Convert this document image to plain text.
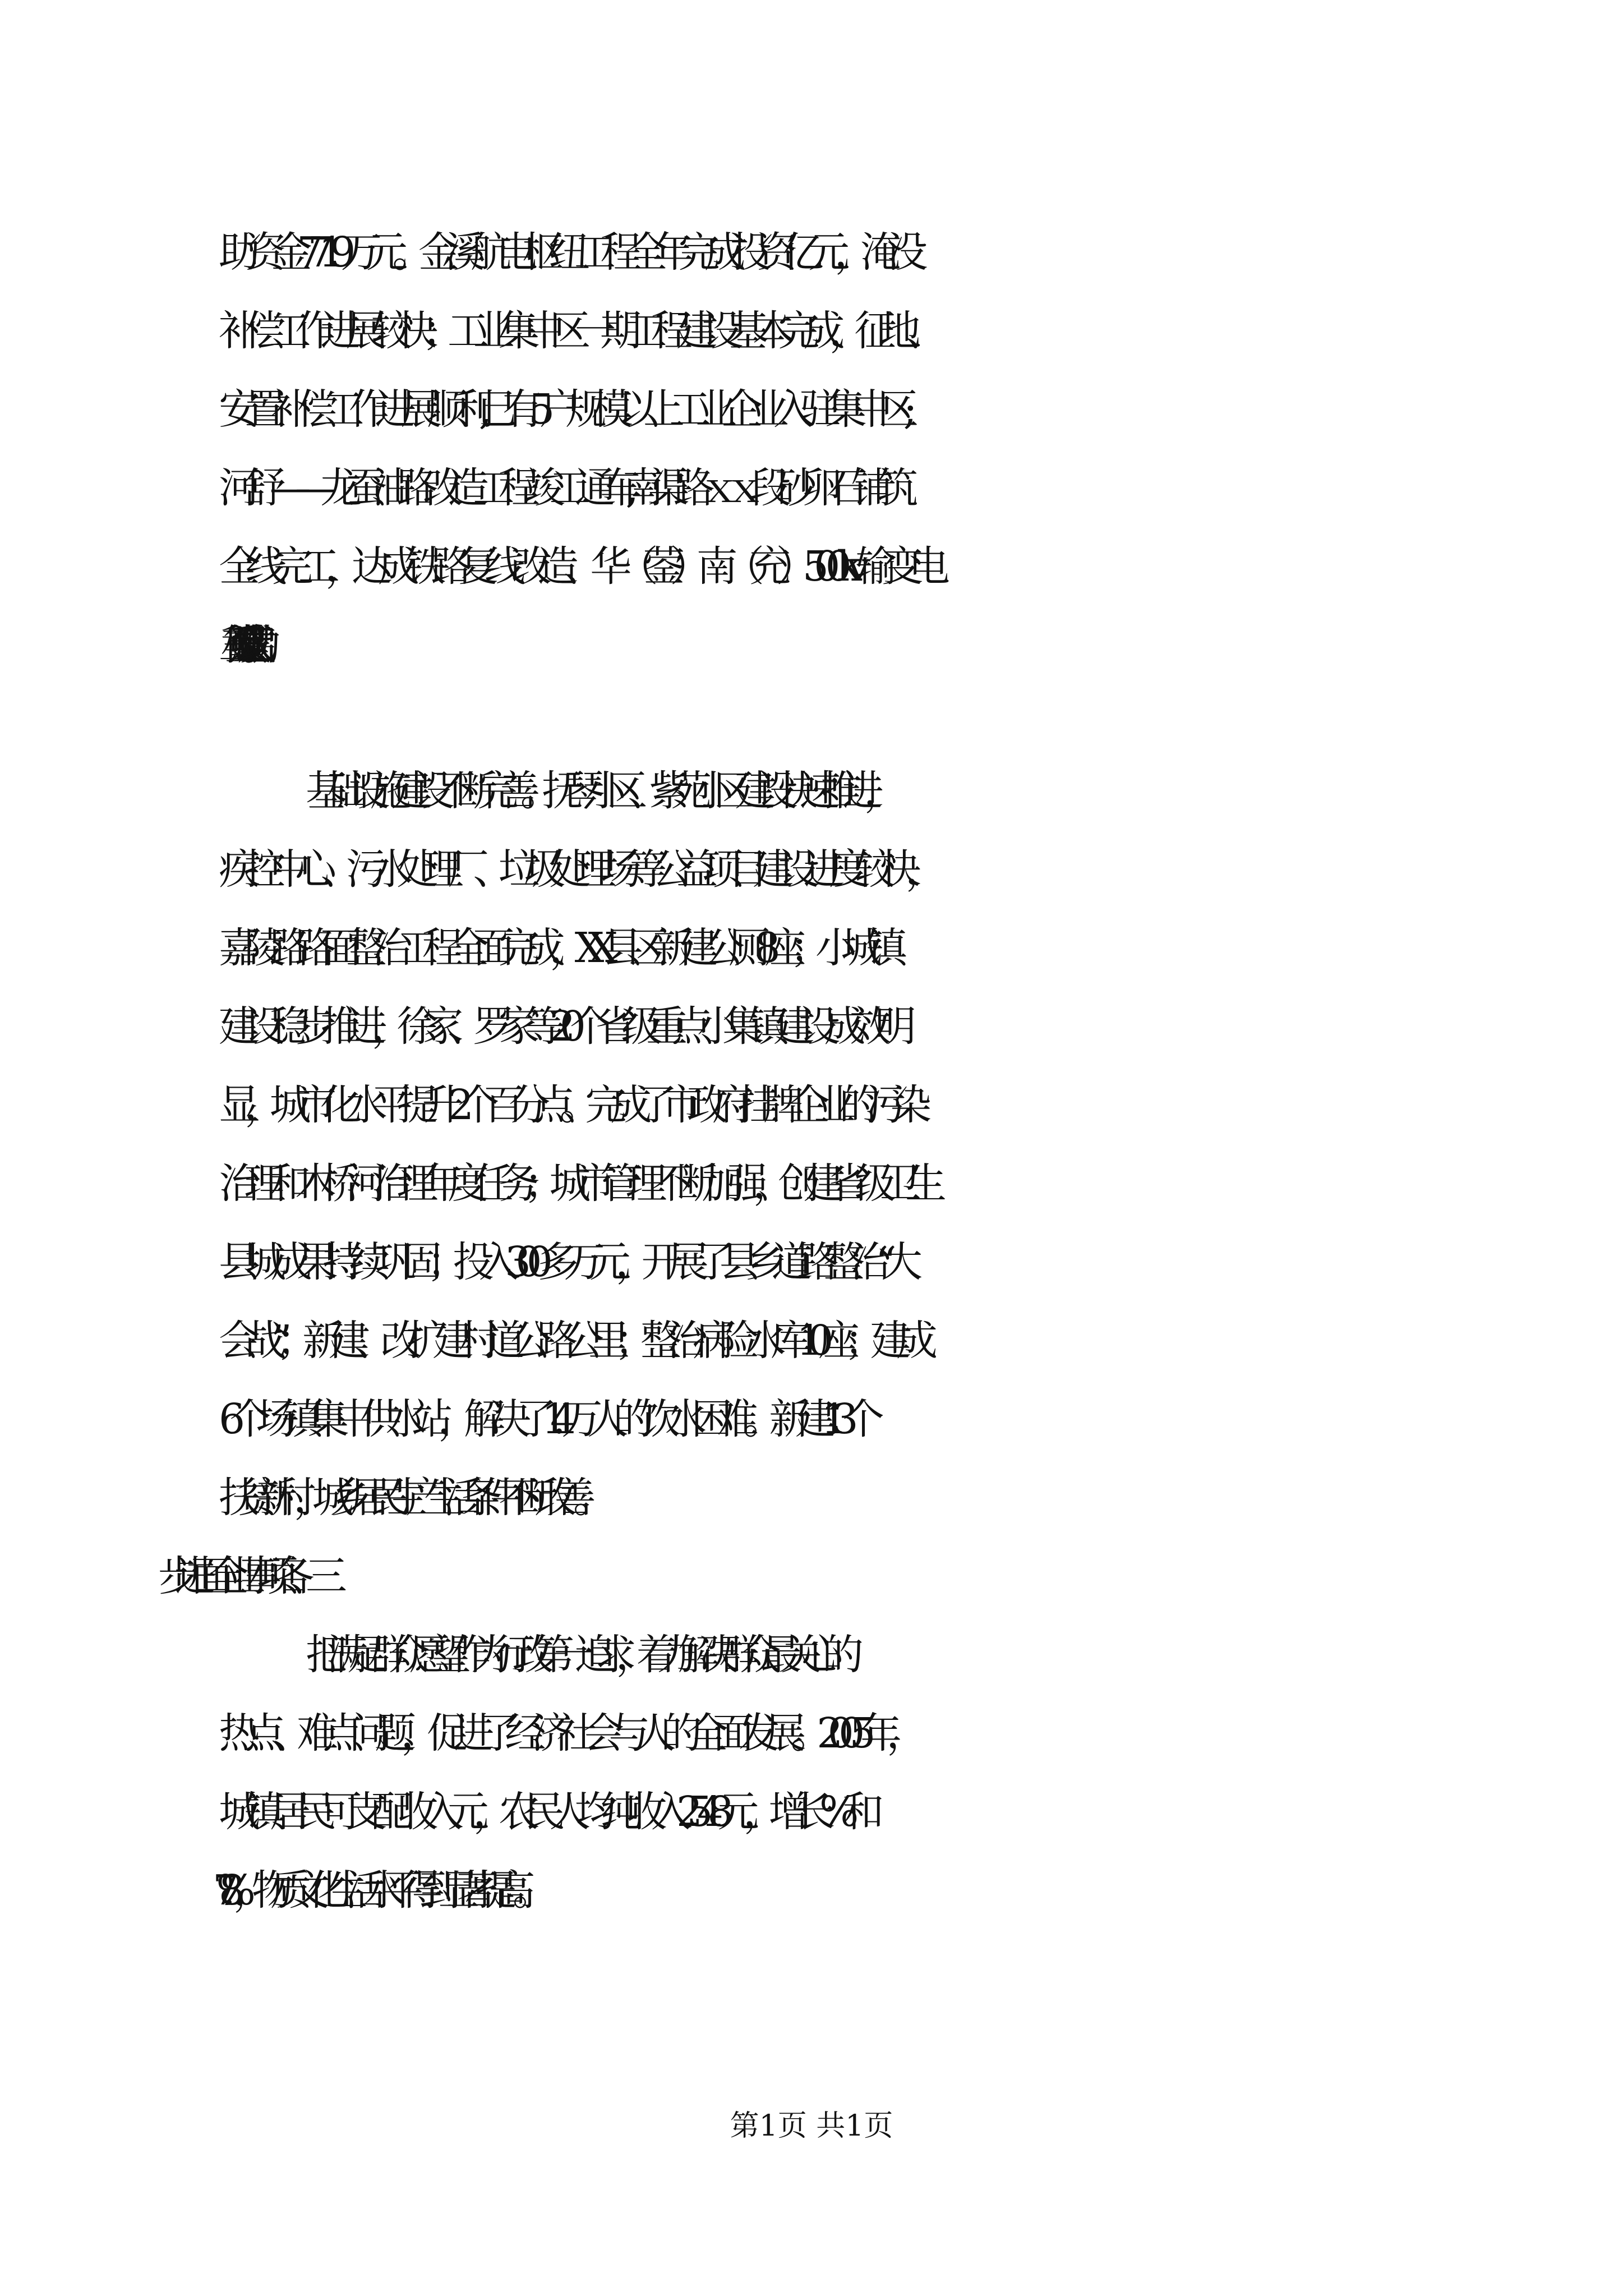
助资金7719万元。金溪航电枢纽工程全年完成投资亿元，淹没

补偿工作进展较快；工业集中区一期工程建设基本完成，征地、

安置补偿工作进展顺利,已有5户规模以上工业企业入驻集中区;

河舒——龙蚕油路改造工程竣工通车,南渠路ｘｘ段砂卵石铺筑

全线完工，达成铁路复线改造、华（蓥）南（充）500kv输变电

工程等重点建设正式启动。

基础设施建设不断完善。抚琴小区、紫苑小区建设快速推进，

疾控中心、污水处理厂、垃圾处理场等公益项目建设进度较快，

嘉陵路路面整治工程全面完成，XX县区新建公厕8座；小城镇

建设稳步推进，徐家、罗家等20个省级重点小集镇建设成效明

显，城市化水平提升2个百分点。完成了市政府挂牌企业的污染

治理和木桥河治理年度任务；城市管理不断加强，创建省级卫生

县城成果持续巩固；投入300多万元，开展了县乡道路整治“大

会战”；新建、改扩建村道公路公里；整治病险水库10座；建成

6个场镇集中供水站，解决了1.4万人的饮水困难。新建13个

扶贫新村，城乡居民生产生活条件不断改善。

把满足群众愿望作为行政第一追求，着力解决群众最关心的

热点、难点问题，促进了经济社会与人的全面发展。2005年，

城镇居民可支配收入元，农民人均纯收入2548元，增长%和

8.7%，物质文化生活水平得到显著提高。

第1页 共1页
